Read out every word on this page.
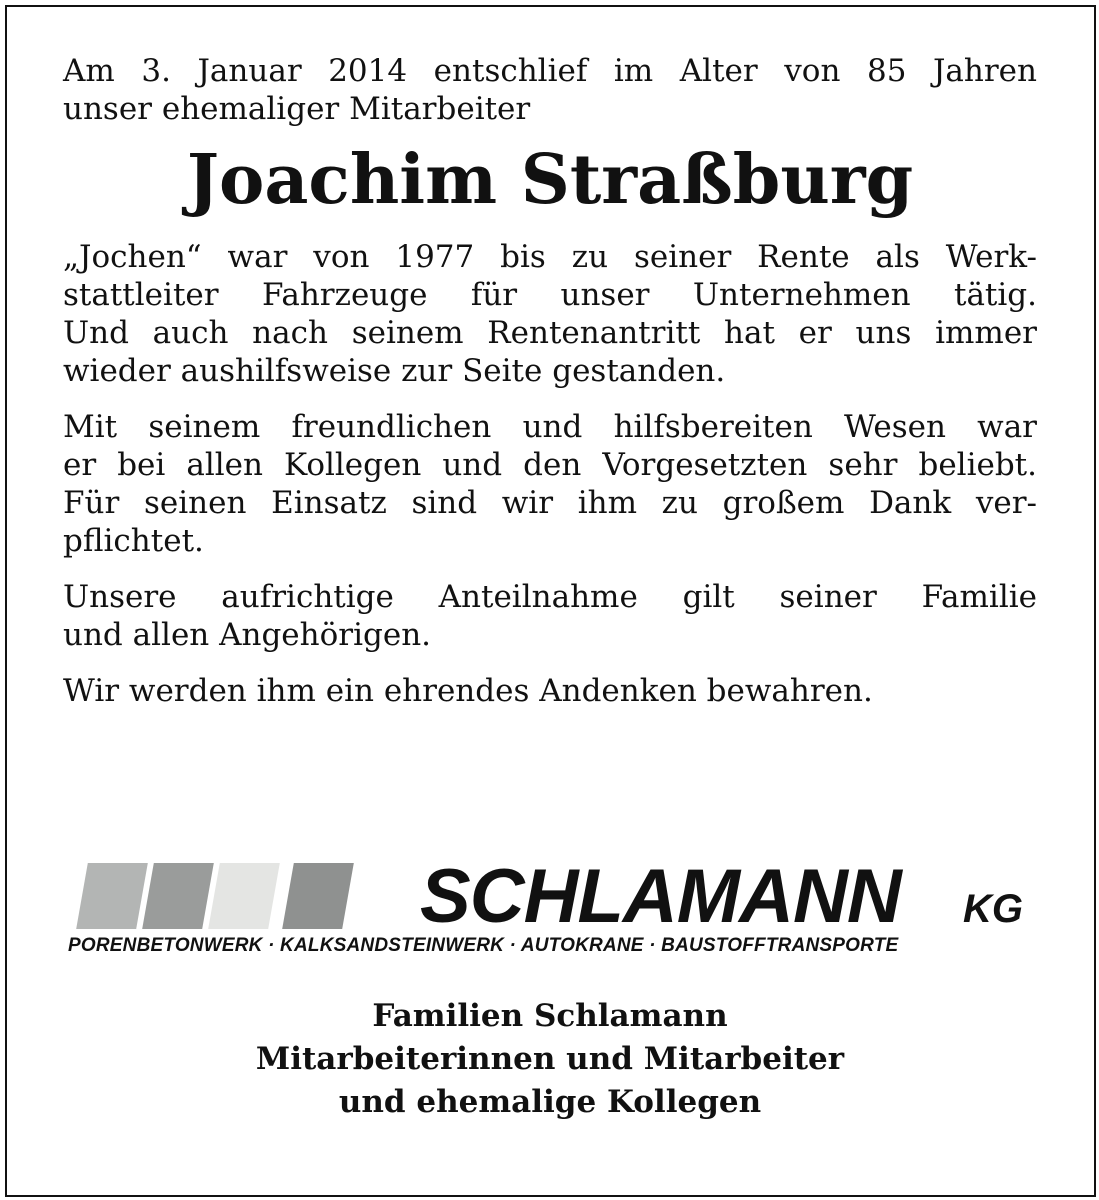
Am 3. Januar 2014 entschlief im Alter von 85 Jahren
unser ehemaliger Mitarbeiter

Joachim Straßburg
„Jochen“ war von 1977 bis zu seiner Rente als Werk-
stattleiter Fahrzeuge für unser Unternehmen tätig.
Und auch nach seinem Rentenantritt hat er uns immer
wieder aushilfsweise zur Seite gestanden.
Mit seinem freundlichen und hilfsbereiten Wesen war
er bei allen Kollegen und den Vorgesetzten sehr beliebt.
Für seinen Einsatz sind wir ihm zu großem Dank ver-
pflichtet.
Unsere aufrichtige Anteilnahme gilt seiner Familie
und allen Angehörigen.
Wir werden ihm ein ehrendes Andenken bewahren.
SCHLAMANN KG
PORENBETONWERK · KALKSANDSTEINWERK · AUTOKRANE · BAUSTOFFTRANSPORTE
Familien Schlamann
Mitarbeiterinnen und Mitarbeiter
und ehemalige Kollegen
